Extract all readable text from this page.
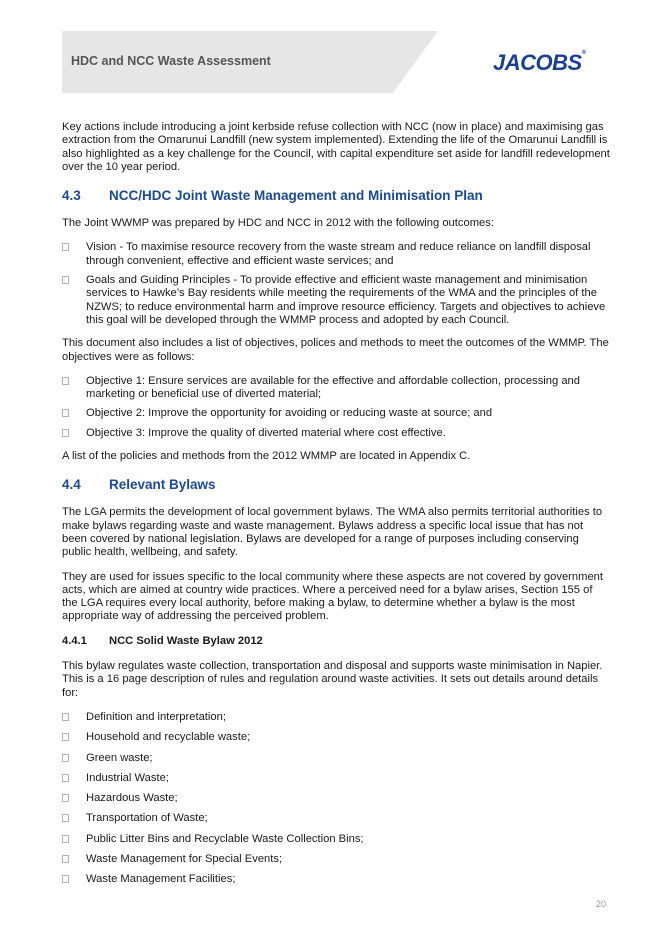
HDC and NCC Waste Assessment	JACOBS®

Key actions include introducing a joint kerbside refuse collection with NCC (now in place) and maximising gas extraction from the Omarunui Landfill (new system implemented). Extending the life of the Omarunui Landfill is also highlighted as a key challenge for the Council, with capital expenditure set aside for landfill redevelopment over the 10 year period.

4.3 NCC/HDC Joint Waste Management and Minimisation Plan

The Joint WWMP was prepared by HDC and NCC in 2012 with the following outcomes:

Vision - To maximise resource recovery from the waste stream and reduce reliance on landfill disposal through convenient, effective and efficient waste services; and
Goals and Guiding Principles - To provide effective and efficient waste management and minimisation services to Hawke’s Bay residents while meeting the requirements of the WMA and the principles of the NZWS; to reduce environmental harm and improve resource efficiency. Targets and objectives to achieve this goal will be developed through the WMMP process and adopted by each Council.

This document also includes a list of objectives, polices and methods to meet the outcomes of the WMMP. The objectives were as follows:

Objective 1: Ensure services are available for the effective and affordable collection, processing and marketing or beneficial use of diverted material;
Objective 2: Improve the opportunity for avoiding or reducing waste at source; and
Objective 3: Improve the quality of diverted material where cost effective.

A list of the policies and methods from the 2012 WMMP are located in Appendix C.

4.4 Relevant Bylaws

The LGA permits the development of local government bylaws. The WMA also permits territorial authorities to make bylaws regarding waste and waste management. Bylaws address a specific local issue that has not been covered by national legislation. Bylaws are developed for a range of purposes including conserving public health, wellbeing, and safety.

They are used for issues specific to the local community where these aspects are not covered by government acts, which are aimed at country wide practices. Where a perceived need for a bylaw arises, Section 155 of the LGA requires every local authority, before making a bylaw, to determine whether a bylaw is the most appropriate way of addressing the perceived problem.

4.4.1 NCC Solid Waste Bylaw 2012

This bylaw regulates waste collection, transportation and disposal and supports waste minimisation in Napier. This is a 16 page description of rules and regulation around waste activities. It sets out details around details for:

Definition and interpretation;
Household and recyclable waste;
Green waste;
Industrial Waste;
Hazardous Waste;
Transportation of Waste;
Public Litter Bins and Recyclable Waste Collection Bins;
Waste Management for Special Events;
Waste Management Facilities;
20
